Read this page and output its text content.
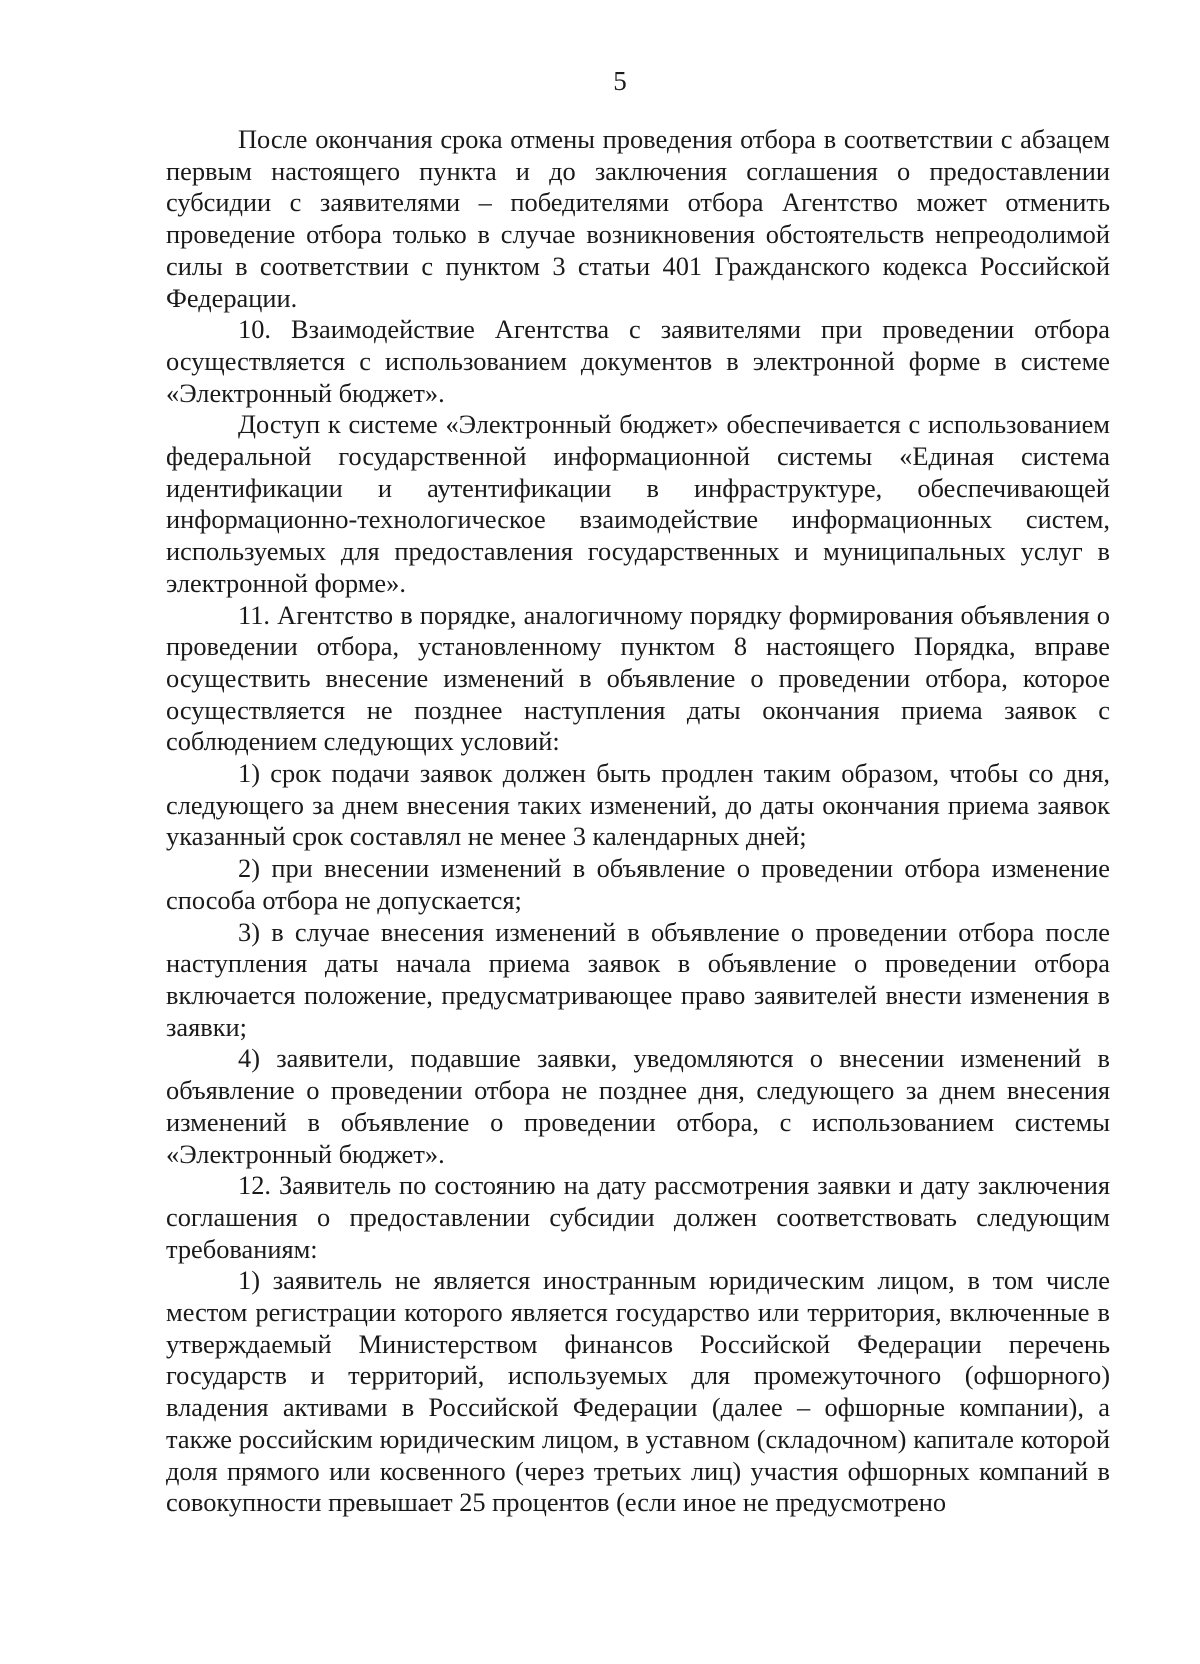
5

После окончания срока отмены проведения отбора в соответствии с абзацем первым настоящего пункта и до заключения соглашения о предоставлении субсидии с заявителями – победителями отбора Агентство может отменить проведение отбора только в случае возникновения обстоятельств непреодолимой силы в соответствии с пунктом 3 статьи 401 Гражданского кодекса Российской Федерации.

10. Взаимодействие Агентства с заявителями при проведении отбора осуществляется с использованием документов в электронной форме в системе «Электронный бюджет».

Доступ к системе «Электронный бюджет» обеспечивается с использованием федеральной государственной информационной системы «Единая система идентификации и аутентификации в инфраструктуре, обеспечивающей информационно-технологическое взаимодействие информационных систем, используемых для предоставления государственных и муниципальных услуг в электронной форме».

11. Агентство в порядке, аналогичному порядку формирования объявления о проведении отбора, установленному пунктом 8 настоящего Порядка, вправе осуществить внесение изменений в объявление о проведении отбора, которое осуществляется не позднее наступления даты окончания приема заявок с соблюдением следующих условий:

1) срок подачи заявок должен быть продлен таким образом, чтобы со дня, следующего за днем внесения таких изменений, до даты окончания приема заявок указанный срок составлял не менее 3 календарных дней;

2) при внесении изменений в объявление о проведении отбора изменение способа отбора не допускается;

3) в случае внесения изменений в объявление о проведении отбора после наступления даты начала приема заявок в объявление о проведении отбора включается положение, предусматривающее право заявителей внести изменения в заявки;

4) заявители, подавшие заявки, уведомляются о внесении изменений в объявление о проведении отбора не позднее дня, следующего за днем внесения изменений в объявление о проведении отбора, с использованием системы «Электронный бюджет».

12. Заявитель по состоянию на дату рассмотрения заявки и дату заключения соглашения о предоставлении субсидии должен соответствовать следующим требованиям:

1) заявитель не является иностранным юридическим лицом, в том числе местом регистрации которого является государство или территория, включенные в утверждаемый Министерством финансов Российской Федерации перечень государств и территорий, используемых для промежуточного (офшорного) владения активами в Российской Федерации (далее – офшорные компании), а также российским юридическим лицом, в уставном (складочном) капитале которой доля прямого или косвенного (через третьих лиц) участия офшорных компаний в совокупности превышает 25 процентов (если иное не предусмотрено
